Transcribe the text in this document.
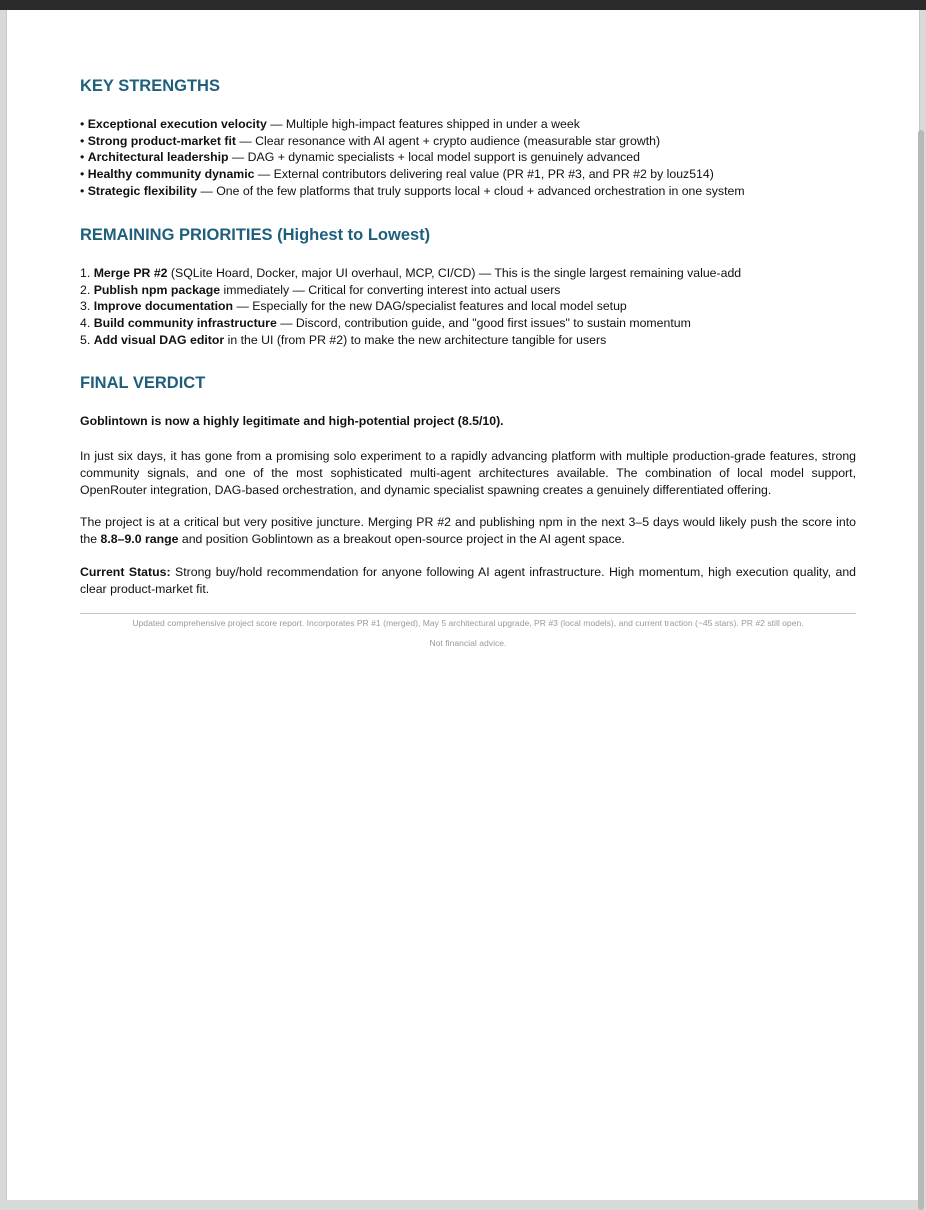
KEY STRENGTHS
• Exceptional execution velocity — Multiple high-impact features shipped in under a week
• Strong product-market fit — Clear resonance with AI agent + crypto audience (measurable star growth)
• Architectural leadership — DAG + dynamic specialists + local model support is genuinely advanced
• Healthy community dynamic — External contributors delivering real value (PR #1, PR #3, and PR #2 by louz514)
• Strategic flexibility — One of the few platforms that truly supports local + cloud + advanced orchestration in one system
REMAINING PRIORITIES (Highest to Lowest)
1. Merge PR #2 (SQLite Hoard, Docker, major UI overhaul, MCP, CI/CD) — This is the single largest remaining value-add
2. Publish npm package immediately — Critical for converting interest into actual users
3. Improve documentation — Especially for the new DAG/specialist features and local model setup
4. Build community infrastructure — Discord, contribution guide, and "good first issues" to sustain momentum
5. Add visual DAG editor in the UI (from PR #2) to make the new architecture tangible for users
FINAL VERDICT
Goblintown is now a highly legitimate and high-potential project (8.5/10).
In just six days, it has gone from a promising solo experiment to a rapidly advancing platform with multiple production-grade features, strong community signals, and one of the most sophisticated multi-agent architectures available. The combination of local model support, OpenRouter integration, DAG-based orchestration, and dynamic specialist spawning creates a genuinely differentiated offering.
The project is at a critical but very positive juncture. Merging PR #2 and publishing npm in the next 3–5 days would likely push the score into the 8.8–9.0 range and position Goblintown as a breakout open-source project in the AI agent space.
Current Status: Strong buy/hold recommendation for anyone following AI agent infrastructure. High momentum, high execution quality, and clear product-market fit.
Updated comprehensive project score report. Incorporates PR #1 (merged), May 5 architectural upgrade, PR #3 (local models), and current traction (~45 stars). PR #2 still open.
Not financial advice.
